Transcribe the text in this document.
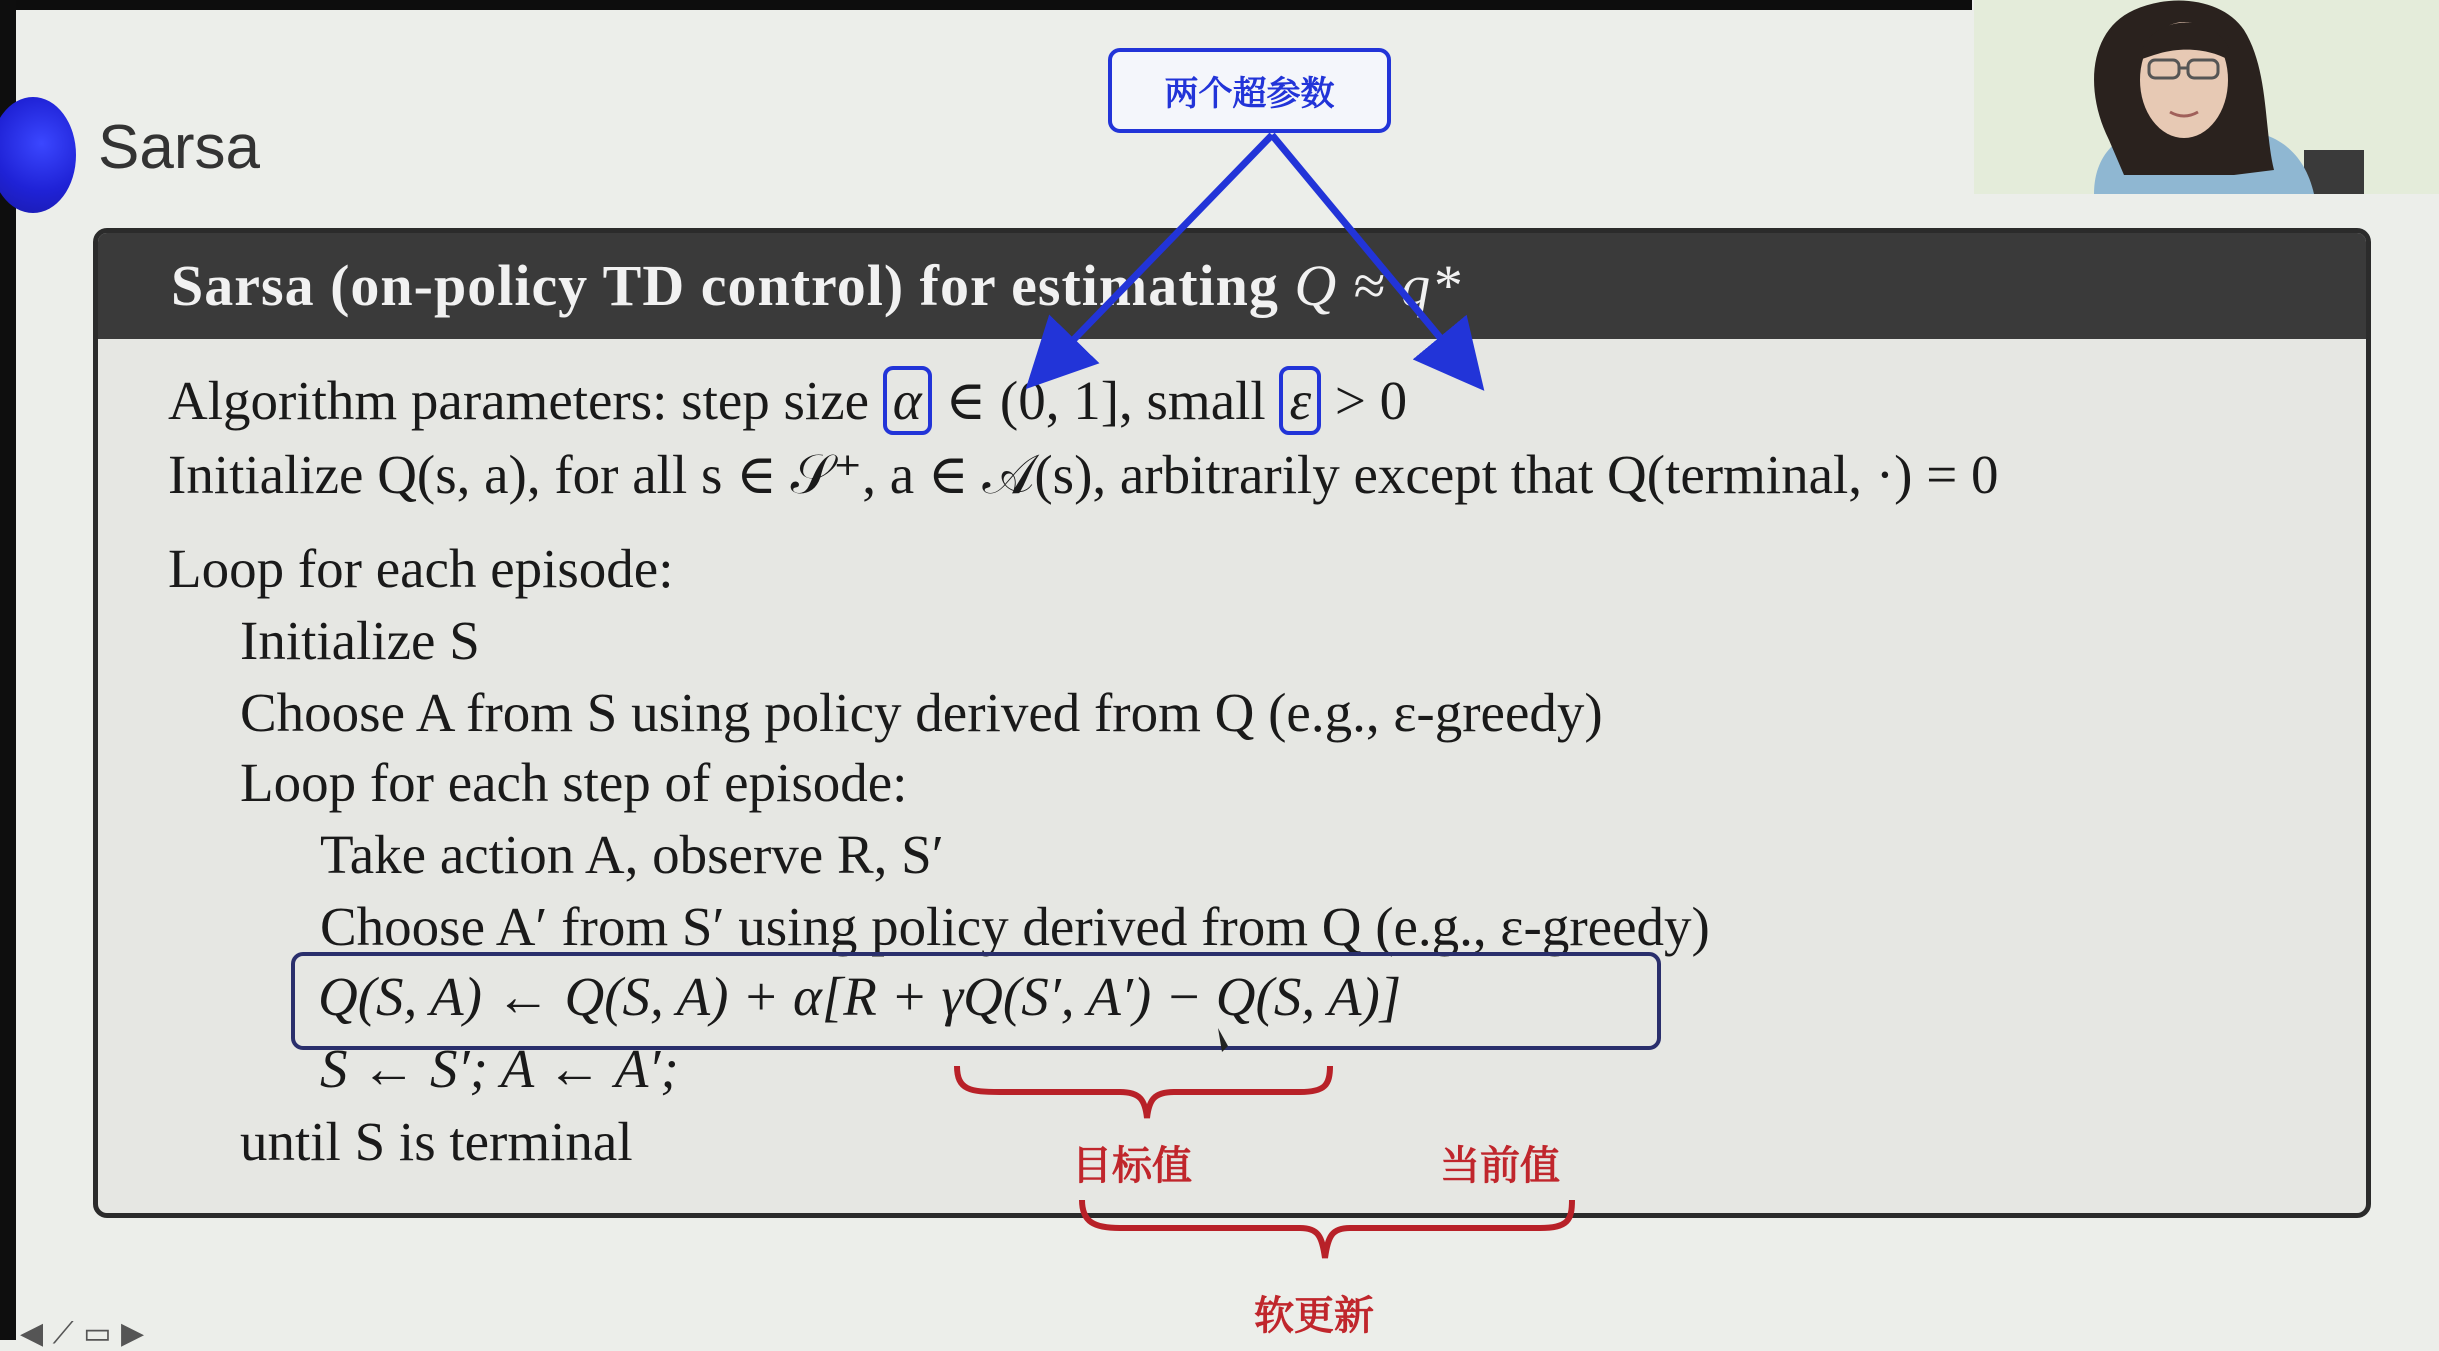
Sarsa
Sarsa (on-policy TD control) for estimating Q ≈ q*
Algorithm parameters: step size α ∈ (0, 1], small ε > 0
Initialize Q(s, a), for all s ∈ 𝒮⁺, a ∈ 𝒜(s), arbitrarily except that Q(terminal, ·) = 0
Loop for each episode:
Initialize S
Choose A from S using policy derived from Q (e.g., ε-greedy)
Loop for each step of episode:
Take action A, observe R, S′
Choose A′ from S′ using policy derived from Q (e.g., ε-greedy)
Q(S, A) ← Q(S, A) + α[R + γQ(S′, A′) − Q(S, A)]
S ← S′; A ← A′;
until S is terminal
两个超参数
目标值	当前值
软更新
◀ ⟋ ▭ ▶
